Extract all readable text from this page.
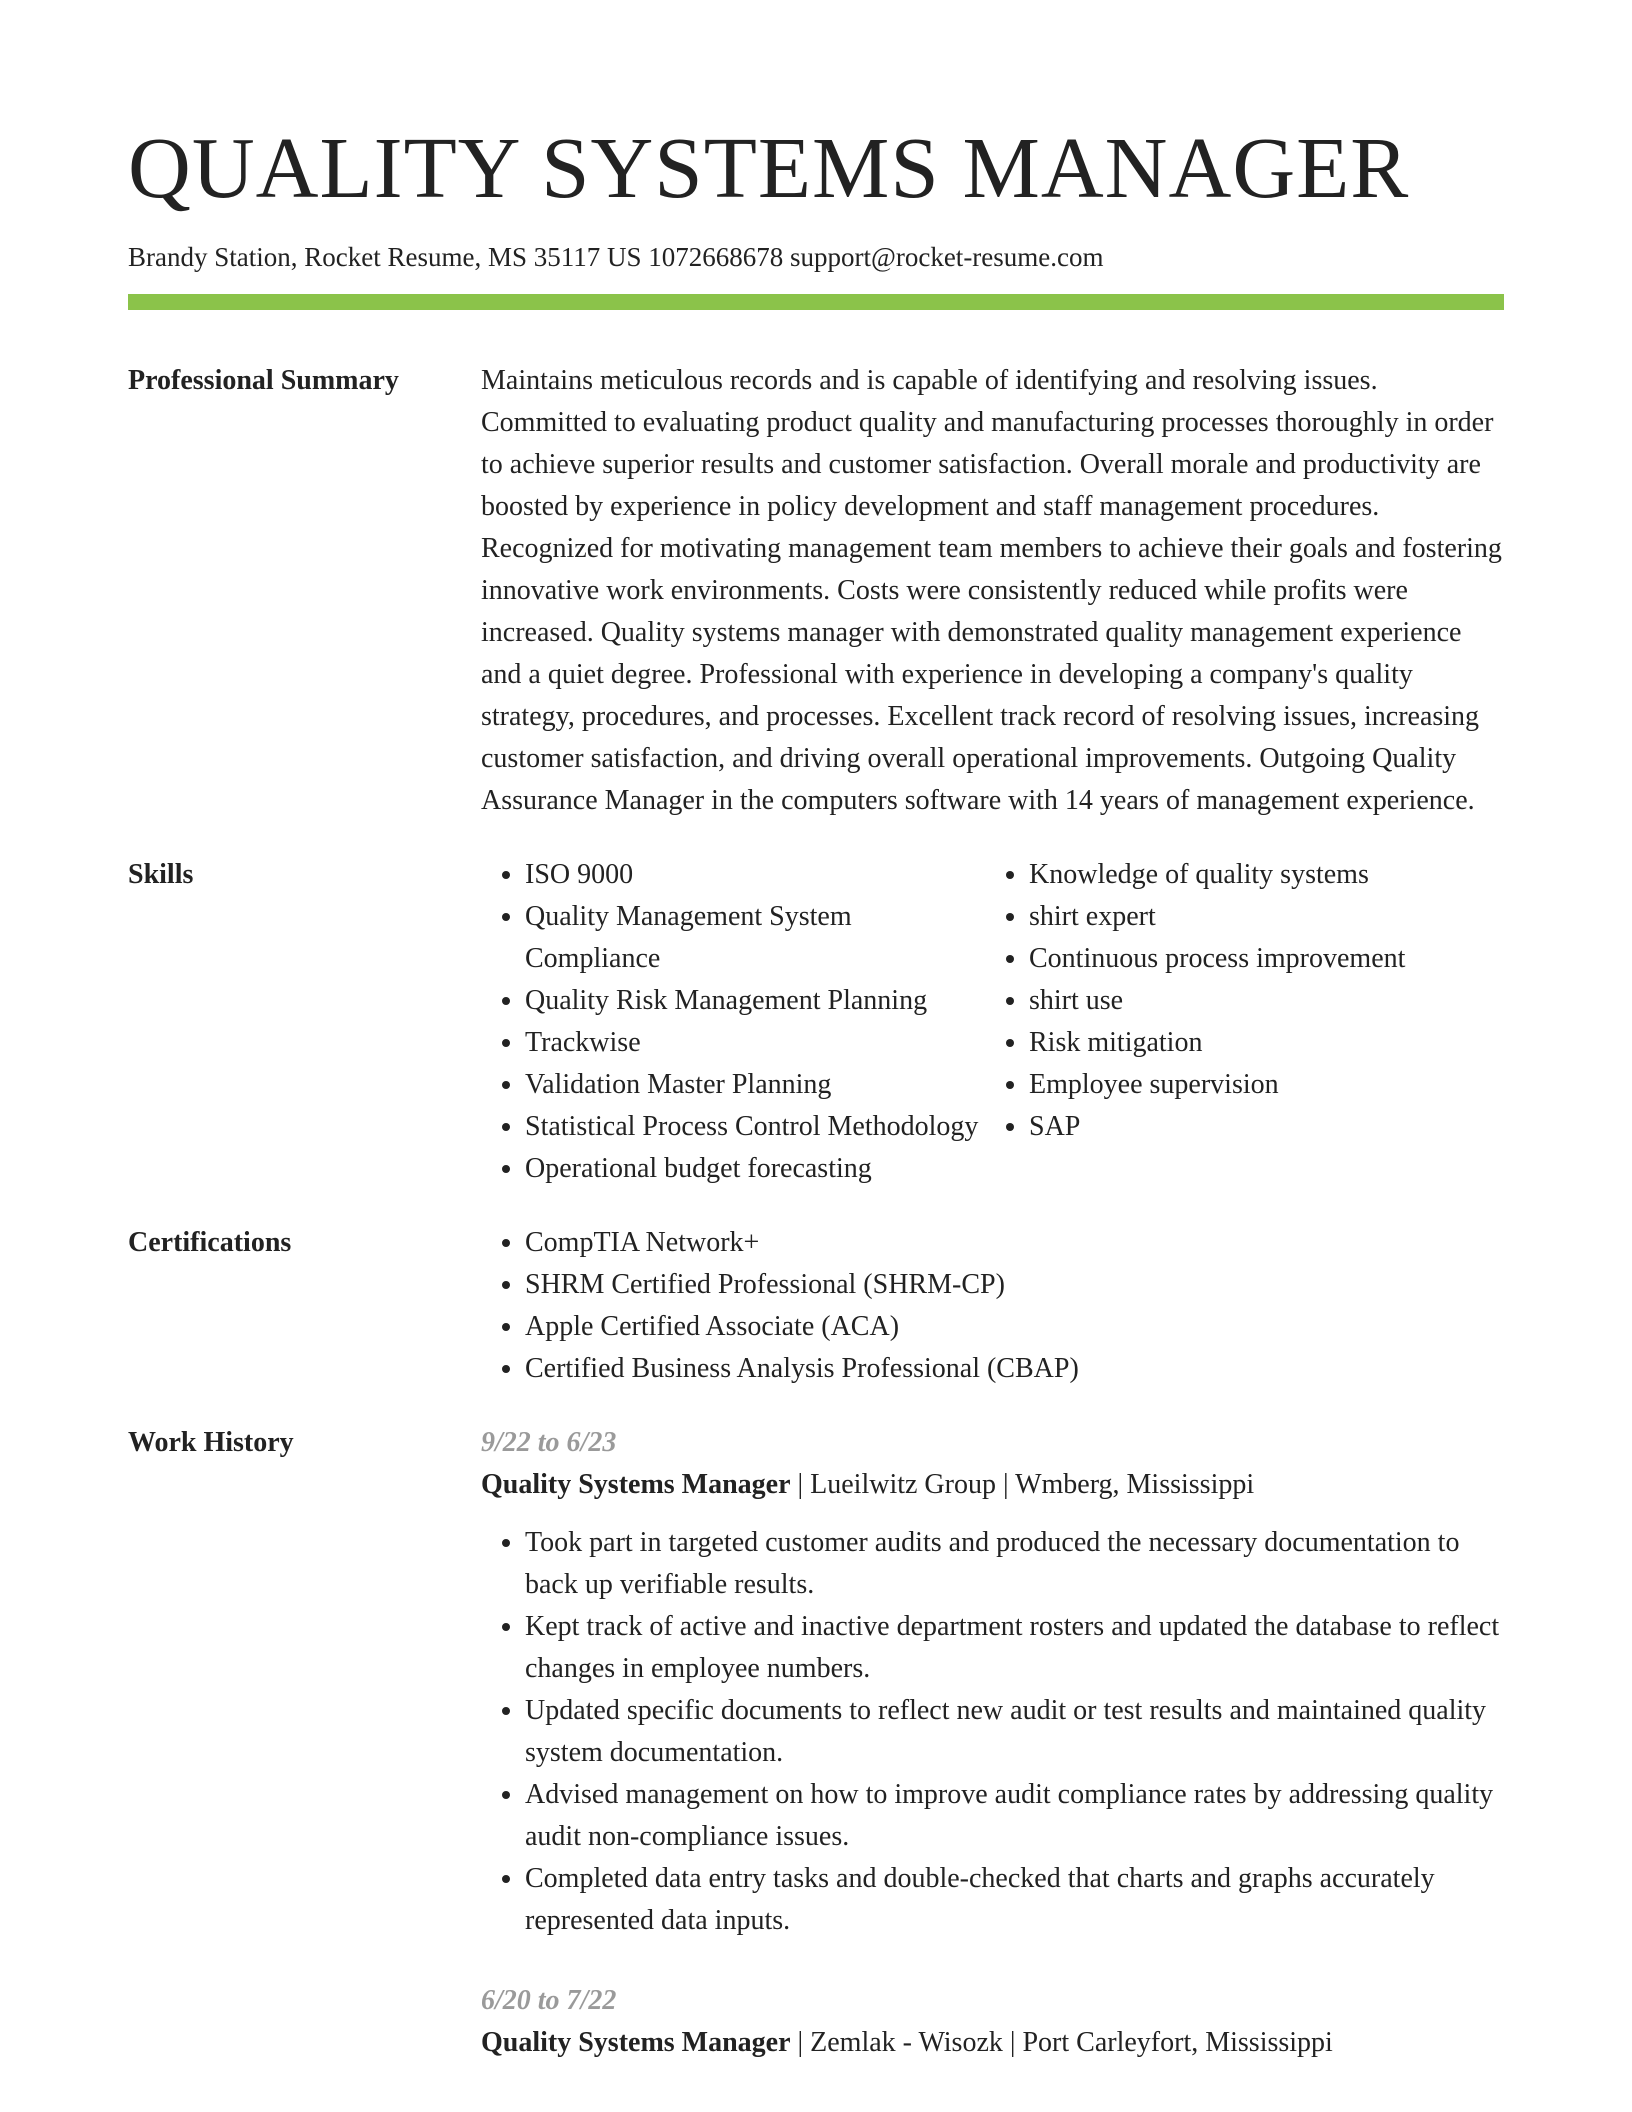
QUALITY SYSTEMS MANAGER
Brandy Station, Rocket Resume, MS 35117 US 1072668678 support@rocket-resume.com
Professional Summary	Maintains meticulous records and is capable of identifying and resolving issues. Committed to evaluating product quality and manufacturing processes thoroughly in order to achieve superior results and customer satisfaction. Overall morale and productivity are boosted by experience in policy development and staff management procedures. Recognized for motivating management team members to achieve their goals and fostering innovative work environments. Costs were consistently reduced while profits were increased. Quality systems manager with demonstrated quality management experience and a quiet degree. Professional with experience in developing a company's quality strategy, procedures, and processes. Excellent track record of resolving issues, increasing customer satisfaction, and driving overall operational improvements. Outgoing Quality Assurance Manager in the computers software with 14 years of management experience.

Skills	• ISO 9000
• Quality Management System Compliance
• Quality Risk Management Planning
• Trackwise
• Validation Master Planning
• Statistical Process Control Methodology
• Operational budget forecasting
• Knowledge of quality systems
• shirt expert
• Continuous process improvement
• shirt use
• Risk mitigation
• Employee supervision
• SAP
Certifications	• CompTIA Network+
• SHRM Certified Professional (SHRM-CP)
• Apple Certified Associate (ACA)
• Certified Business Analysis Professional (CBAP)
Work History	9/22 to 6/23
Quality Systems Manager | Lueilwitz Group | Wmberg, Mississippi
• Took part in targeted customer audits and produced the necessary documentation to back up verifiable results.
• Kept track of active and inactive department rosters and updated the database to reflect changes in employee numbers.
• Updated specific documents to reflect new audit or test results and maintained quality system documentation.
• Advised management on how to improve audit compliance rates by addressing quality audit non-compliance issues.
• Completed data entry tasks and double-checked that charts and graphs accurately represented data inputs.
6/20 to 7/22
Quality Systems Manager | Zemlak - Wisozk | Port Carleyfort, Mississippi
